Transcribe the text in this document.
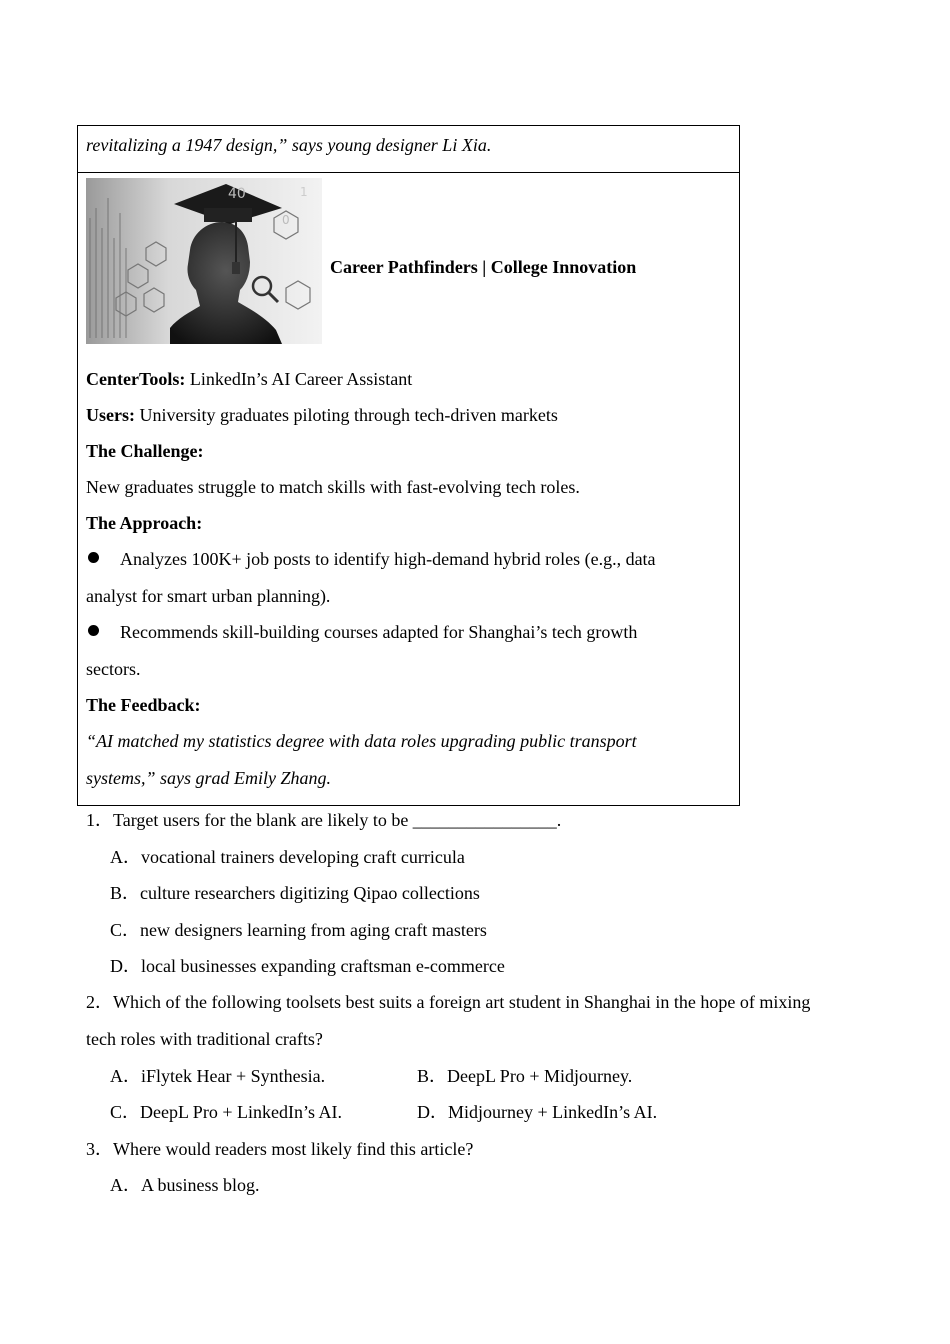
revitalizing a 1947 design,” says young designer Li Xia.
40
0
1
Career Pathfinders | College Innovation
CenterTools: LinkedIn’s AI Career Assistant
Users: University graduates piloting through tech-driven markets
The Challenge:
New graduates struggle to match skills with fast-evolving tech roles.
The Approach:
Analyzes 100K+ job posts to identify high-demand hybrid roles (e.g., data
analyst for smart urban planning).
Recommends skill-building courses adapted for Shanghai’s tech growth
sectors.
The Feedback:
“AI matched my statistics degree with data roles upgrading public transport
systems,” says grad Emily Zhang.
1．Target users for the blank are likely to be ________________.
A．vocational trainers developing craft curricula
B．culture researchers digitizing Qipao collections
C．new designers learning from aging craft masters
D．local businesses expanding craftsman e-commerce
2．Which of the following toolsets best suits a foreign art student in Shanghai in the hope of mixing
tech roles with traditional crafts?
A．iFlytek Hear + Synthesia.	B．DeepL Pro + Midjourney.
C．DeepL Pro + LinkedIn’s AI.	D．Midjourney + LinkedIn’s AI.
3．Where would readers most likely find this article?
A．A business blog.
